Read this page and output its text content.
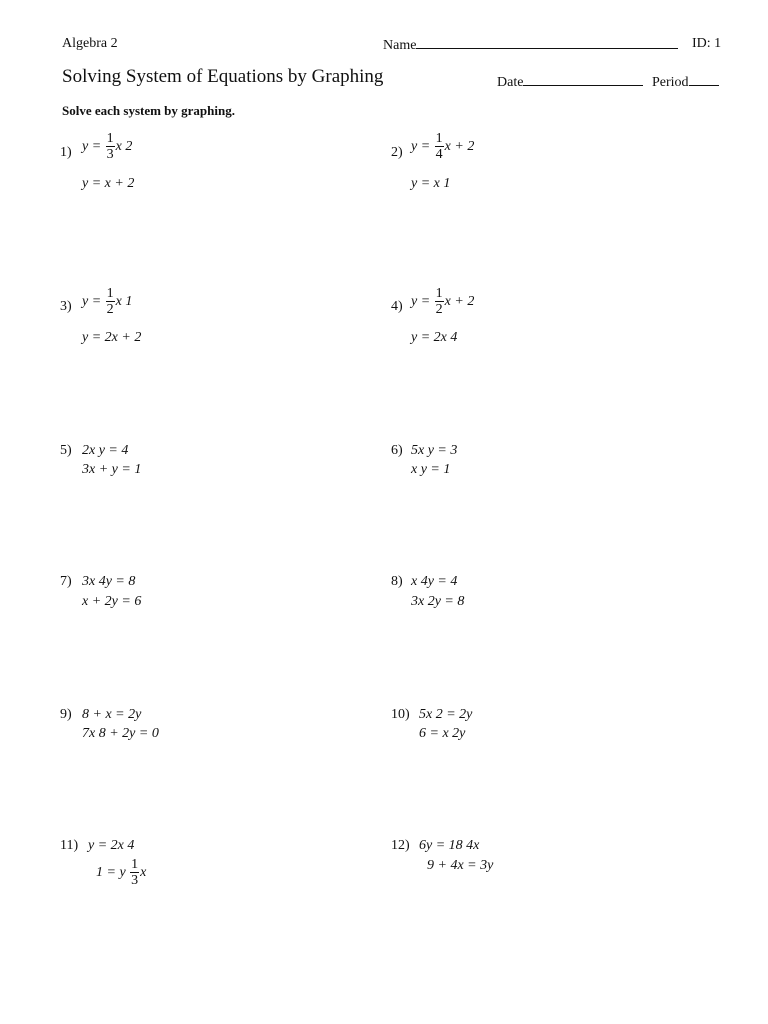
Algebra 2	Name	ID: 1
Solving System of Equations by Graphing	Date	Period
Solve each system by graphing.
1) $y = \frac{1}{3}$ x 2
y = x + 2
2) $y = \frac{1}{4}$ x + 2
y = x 1
3) $y = \frac{1}{2}$ x 1
y = 2x + 2
4) $y = \frac{1}{2}$ x + 2
y = 2x 4
5) 2x y = 4
3x + y = 1
6) 5x y = 3
x y = 1
7) 3x 4y = 8
x + 2y = 6
8) x 4y = 4
3x 2y = 8
9) 8 + x = 2y
7x 8 + 2y = 0
10) 5x 2 = 2y
6 = x 2y
11) y = 2x 4
1 = y $\frac{1}{3}$ x
12) 6y = 18 4x
9 + 4x = 3y
